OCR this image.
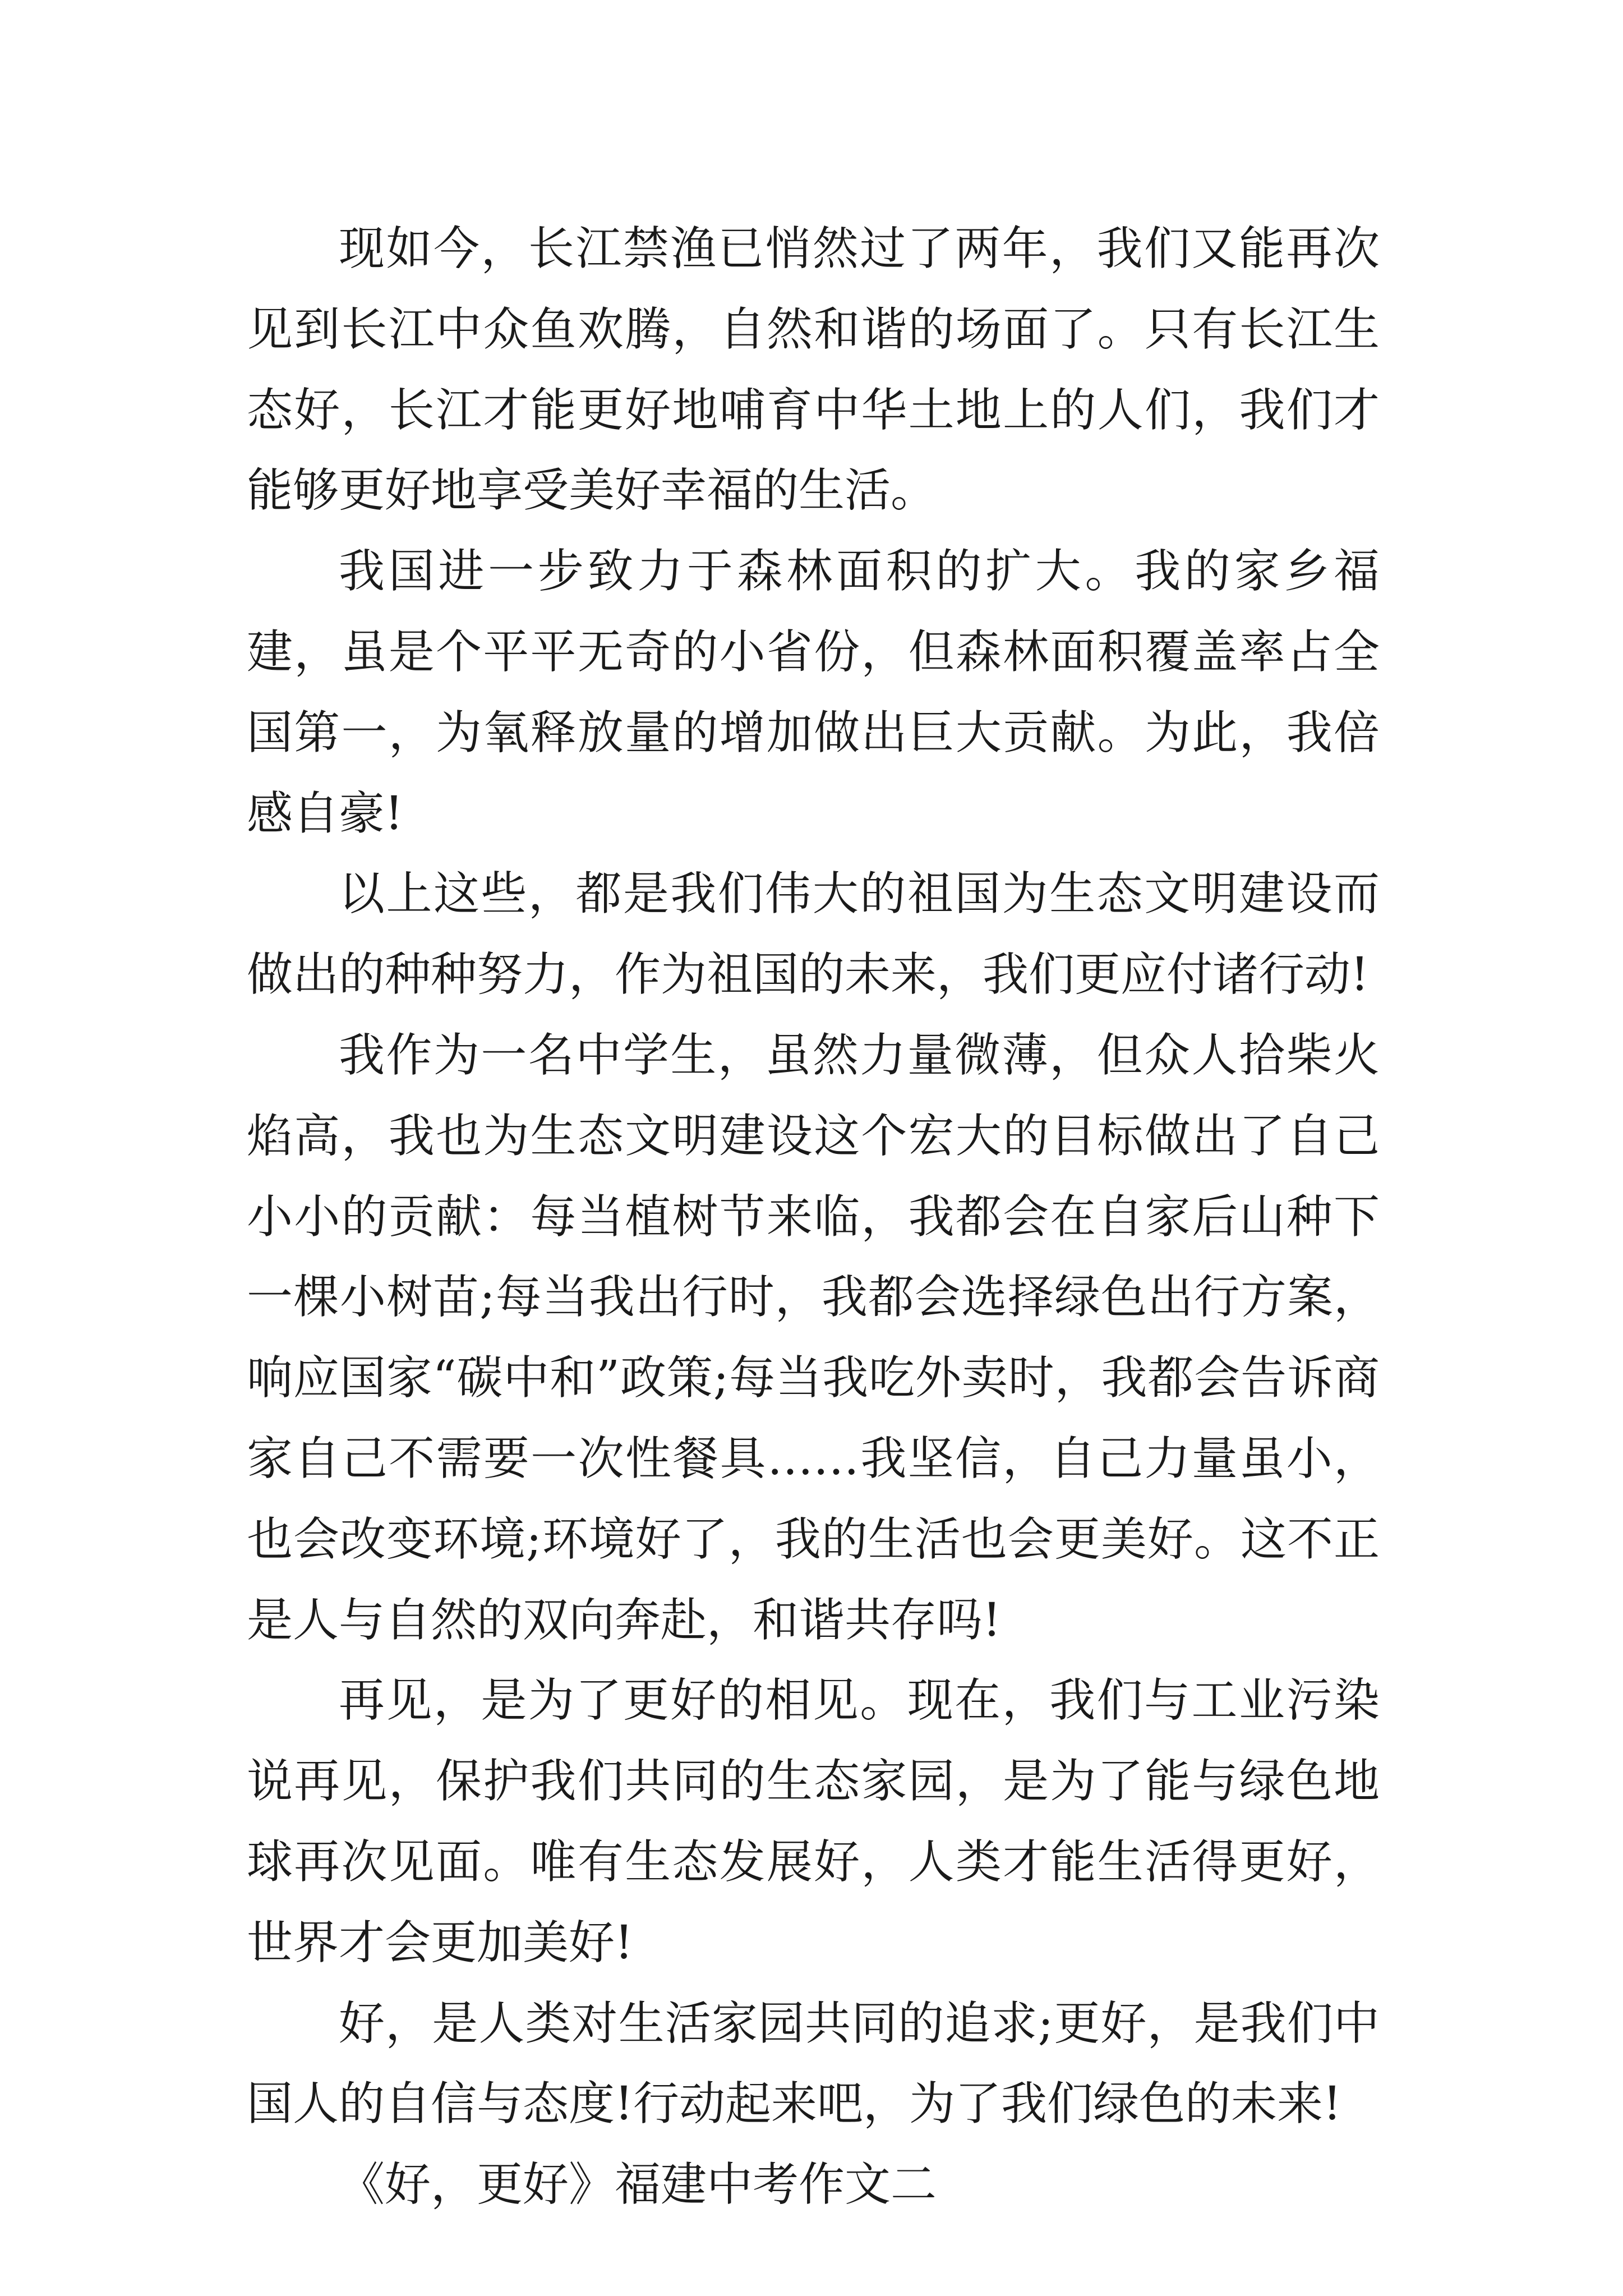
现如今，长江禁渔已悄然过了两年，我们又能再次见到长江中众鱼欢腾，自然和谐的场面了。只有长江生态好，长江才能更好地哺育中华土地上的人们，我们才能够更好地享受美好幸福的生活。

我国进一步致力于森林面积的扩大。我的家乡福建，虽是个平平无奇的小省份，但森林面积覆盖率占全国第一，为氧释放量的增加做出巨大贡献。为此，我倍感自豪!

以上这些，都是我们伟大的祖国为生态文明建设而做出的种种努力，作为祖国的未来，我们更应付诸行动!

我作为一名中学生，虽然力量微薄，但众人拾柴火焰高，我也为生态文明建设这个宏大的目标做出了自己小小的贡献：每当植树节来临，我都会在自家后山种下一棵小树苗;每当我出行时，我都会选择绿色出行方案，响应国家“碳中和”政策;每当我吃外卖时，我都会告诉商家自己不需要一次性餐具……我坚信，自己力量虽小，也会改变环境;环境好了，我的生活也会更美好。这不正是人与自然的双向奔赴，和谐共存吗!

再见，是为了更好的相见。现在，我们与工业污染说再见，保护我们共同的生态家园，是为了能与绿色地球再次见面。唯有生态发展好，人类才能生活得更好，世界才会更加美好!

好，是人类对生活家园共同的追求;更好，是我们中国人的自信与态度!行动起来吧，为了我们绿色的未来!

《好，更好》福建中考作文二
